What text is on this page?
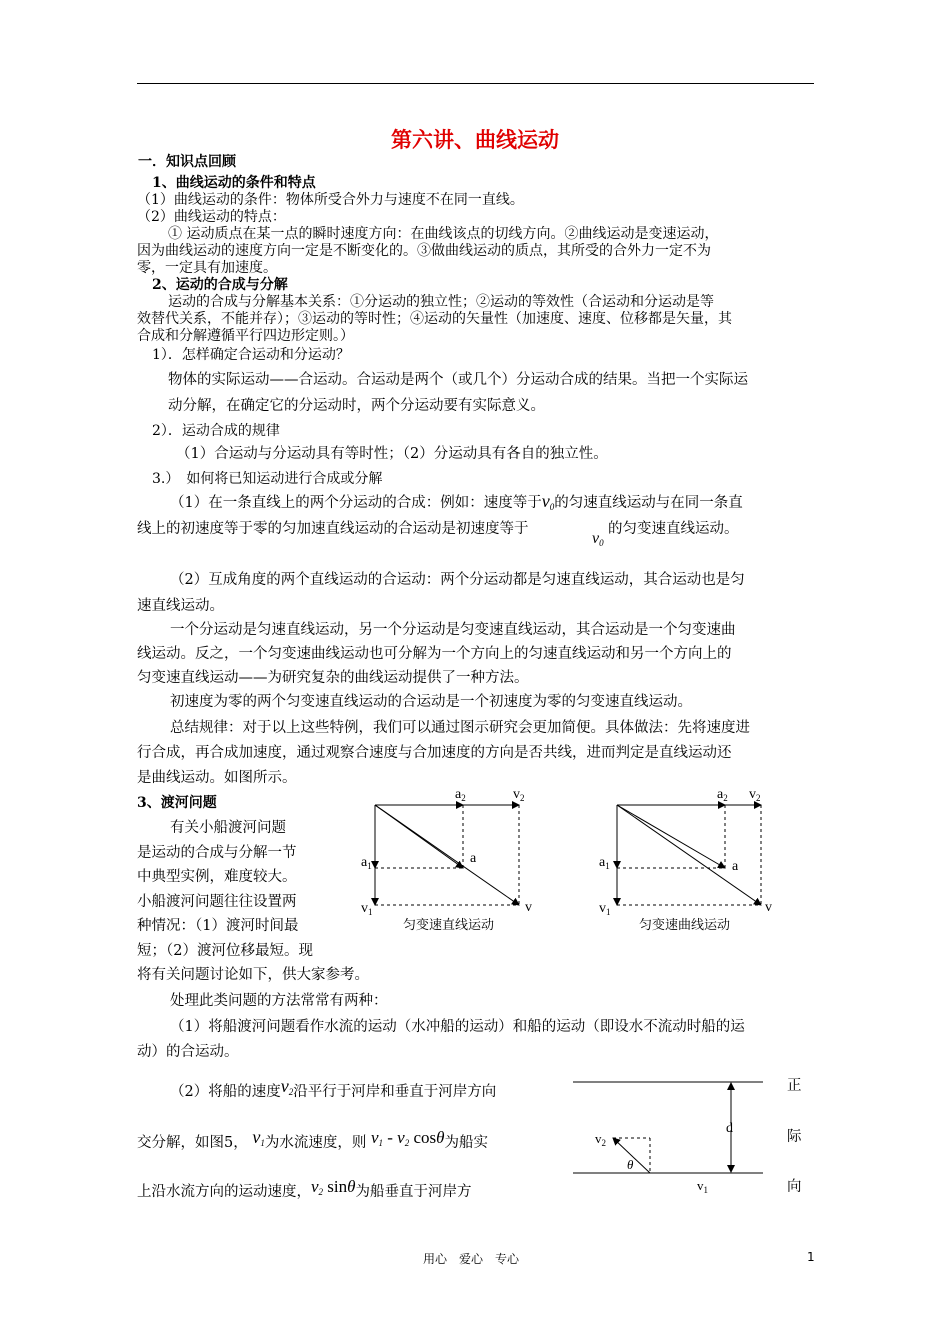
第六讲、曲线运动
一．知识点回顾
1、曲线运动的条件和特点
（1）曲线运动的条件：物体所受合外力与速度不在同一直线。
（2）曲线运动的特点：
① 运动质点在某一点的瞬时速度方向：在曲线该点的切线方向。②曲线运动是变速运动，
因为曲线运动的速度方向一定是不断变化的。③做曲线运动的质点，其所受的合外力一定不为
零，一定具有加速度。
2、运动的合成与分解
运动的合成与分解基本关系：①分运动的独立性；②运动的等效性（合运动和分运动是等
效替代关系，不能并存）；③运动的等时性；④运动的矢量性（加速度、速度、位移都是矢量，其
合成和分解遵循平行四边形定则。）
1）．怎样确定合运动和分运动？
物体的实际运动——合运动。合运动是两个（或几个）分运动合成的结果。当把一个实际运
动分解，在确定它的分运动时，两个分运动要有实际意义。
2）．运动合成的规律
（1）合运动与分运动具有等时性；（2）分运动具有各自的独立性。
3.）　如何将已知运动进行合成或分解
（1）在一条直线上的两个分运动的合成：例如：速度等于$v_0$的匀速直线运动与在同一条直
线上的初速度等于零的匀加速直线运动的合运动是初速度等于
$v_0$
的匀变速直线运动。
（2）互成角度的两个直线运动的合运动：两个分运动都是匀速直线运动，其合运动也是匀
速直线运动。
一个分运动是匀速直线运动，另一个分运动是匀变速直线运动，其合运动是一个匀变速曲
线运动。反之，一个匀变速曲线运动也可分解为一个方向上的匀速直线运动和另一个方向上的
匀变速直线运动——为研究复杂的曲线运动提供了一种方法。
初速度为零的两个匀变速直线运动的合运动是一个初速度为零的匀变速直线运动。
总结规律：对于以上这些特例，我们可以通过图示研究会更加简便。具体做法：先将速度进
行合成，再合成加速度，通过观察合速度与合加速度的方向是否共线，进而判定是直线运动还
是曲线运动。如图所示。
3、渡河问题
有关小船渡河问题
是运动的合成与分解一节
中典型实例，难度较大。
小船渡河问题往往设置两
种情况：（1）渡河时间最
短；（2）渡河位移最短。现
将有关问题讨论如下，供大家参考。
$a_2$	$v_2$
$a_1$	a
$v_1$	v
匀变速直线运动
$a_2$ $v_2$
$a_1$	a
$v_1$	v
匀变速曲线运动
处理此类问题的方法常常有两种：
（1）将船渡河问题看作水流的运动（水冲船的运动）和船的运动（即设水不流动时船的运
动）的合运动。
（2）将船的速度$v_2$沿平行于河岸和垂直于河岸方向
交分解，如图5， $v_1$为水流速度，则 $v_1 - v_2$ cosθ为船实
上沿水流方向的运动速度，$v_2$ sinθ为船垂直于河岸方
d
$v_2$
θ
$v_1$
正
际
向
用心　爱心　专心	1
